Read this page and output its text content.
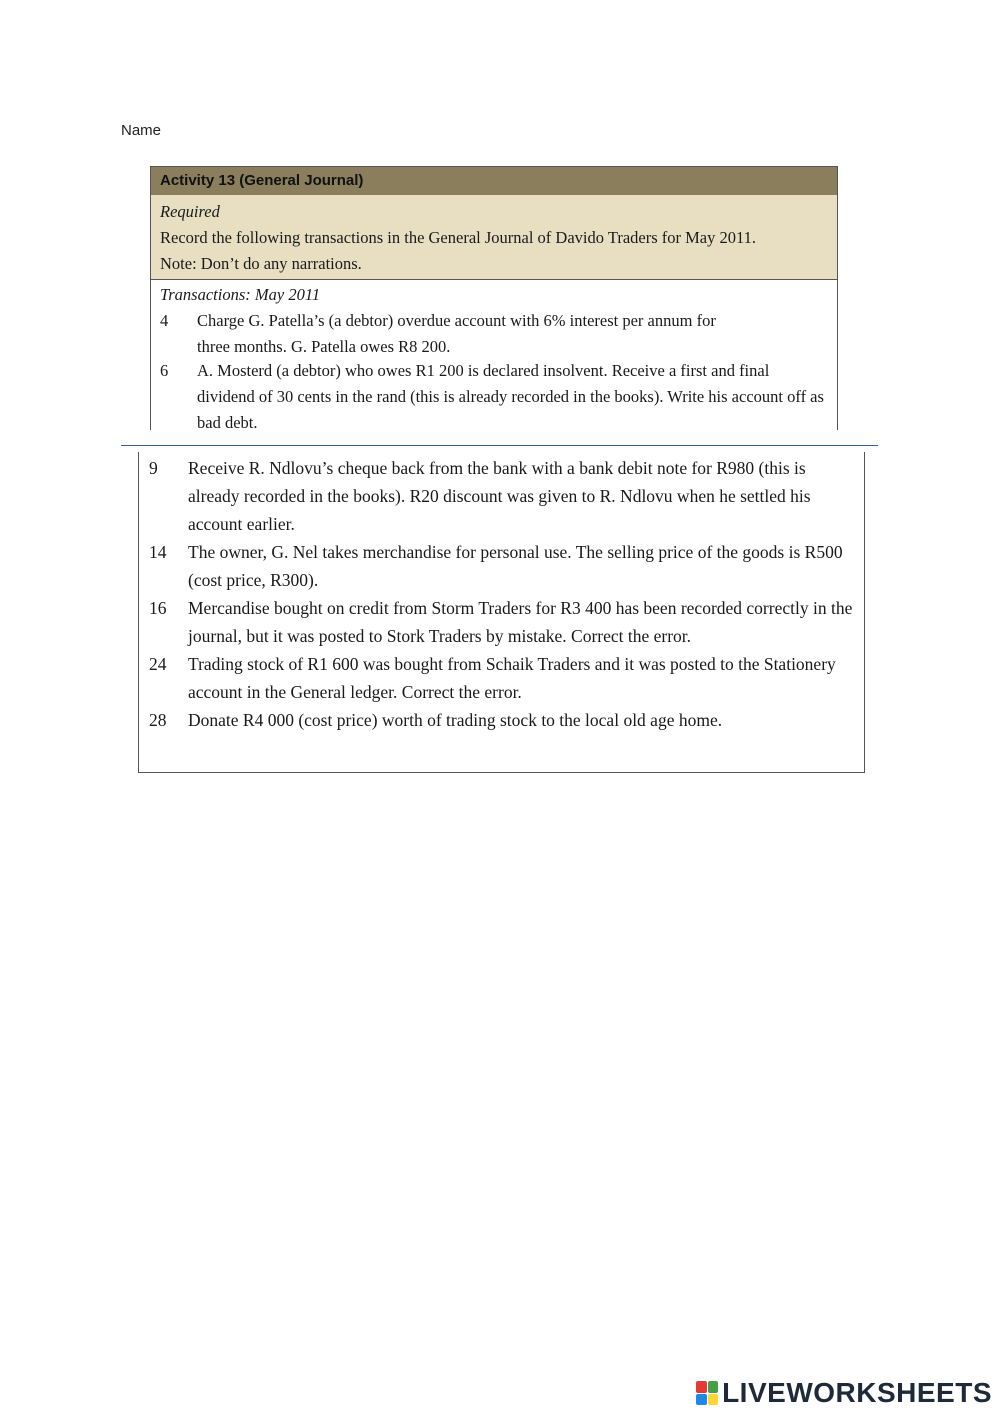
Name
Activity 13 (General Journal)
Required
Record the following transactions in the General Journal of Davido Traders for May 2011.
Note: Don’t do any narrations.
Transactions: May 2011
4	Charge G. Patella’s (a debtor) overdue account with 6% interest per annum for
three months. G. Patella owes R8 200.
6	A. Mosterd (a debtor) who owes R1 200 is declared insolvent. Receive a first and final dividend of 30 cents in the rand (this is already recorded in the books). Write his account off as bad debt.
9	Receive R. Ndlovu’s cheque back from the bank with a bank debit note for R980 (this is already recorded in the books). R20 discount was given to R. Ndlovu when he settled his account earlier.
14	The owner, G. Nel takes merchandise for personal use. The selling price of the goods is R500 (cost price, R300).
16	Mercandise bought on credit from Storm Traders for R3 400 has been recorded correctly in the journal, but it was posted to Stork Traders by mistake. Correct the error.
24	Trading stock of R1 600 was bought from Schaik Traders and it was posted to the Stationery account in the General ledger. Correct the error.
28	Donate R4 000 (cost price) worth of trading stock to the local old age home.
LIVEWORKSHEETS
